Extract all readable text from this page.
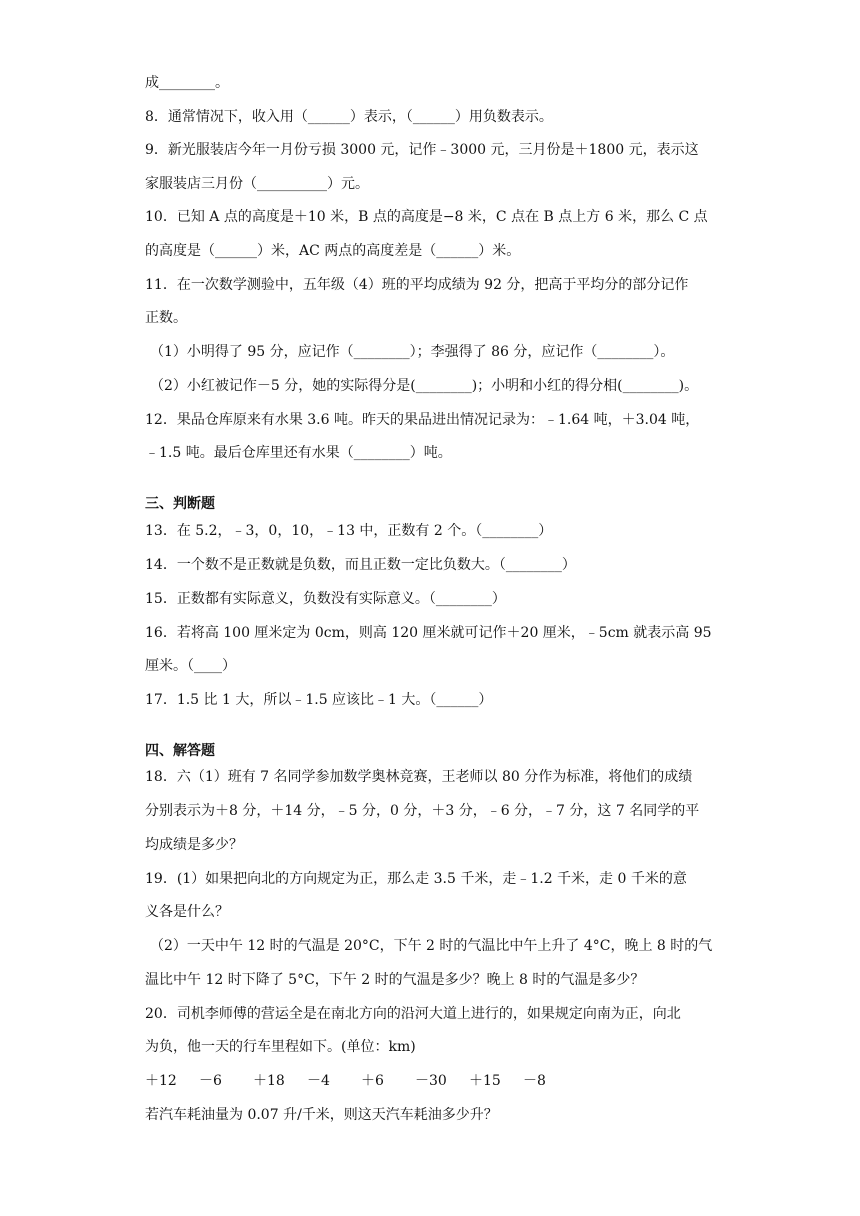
成________。
8．通常情况下，收入用（______）表示，（______）用负数表示。
9．新光服装店今年一月份亏损 3000 元，记作﹣3000 元，三月份是＋1800 元，表示这
家服装店三月份（__________）元。
10．已知 A 点的高度是＋10 米，B 点的高度是−8 米，C 点在 B 点上方 6 米，那么 C 点
的高度是（______）米，AC 两点的高度差是（______）米。
11．在一次数学测验中，五年级（4）班的平均成绩为 92 分，把高于平均分的部分记作
正数。
（1）小明得了 95 分，应记作（________）；李强得了 86 分，应记作（________）。
（2）小红被记作－5 分，她的实际得分是(________)；小明和小红的得分相(________)。
12．果品仓库原来有水果 3.6 吨。昨天的果品进出情况记录为：﹣1.64 吨，＋3.04 吨，
﹣1.5 吨。最后仓库里还有水果（________）吨。
三、判断题
13．在 5.2，﹣3，0，10，﹣13 中，正数有 2 个。（________）
14．一个数不是正数就是负数，而且正数一定比负数大。（________）
15．正数都有实际意义，负数没有实际意义。（________）
16．若将高 100 厘米定为 0cm，则高 120 厘米就可记作＋20 厘米，﹣5cm 就表示高 95
厘米。（____）
17．1.5 比 1 大，所以﹣1.5 应该比﹣1 大。（______）
四、解答题
18．六（1）班有 7 名同学参加数学奥林竞赛，王老师以 80 分作为标准，将他们的成绩
分别表示为＋8 分，＋14 分，﹣5 分，0 分，＋3 分，﹣6 分，﹣7 分，这 7 名同学的平
均成绩是多少？
19．(1）如果把向北的方向规定为正，那么走 3.5 千米，走﹣1.2 千米，走 0 千米的意
义各是什么？
（2）一天中午 12 时的气温是 20°C，下午 2 时的气温比中午上升了 4°C，晚上 8 时的气
温比中午 12 时下降了 5°C，下午 2 时的气温是多少？晚上 8 时的气温是多少？
20．司机李师傅的营运全是在南北方向的沿河大道上进行的，如果规定向南为正，向北
为负，他一天的行车里程如下。(单位：km)
＋12	－6	＋18	－4	＋6	－30	＋15	－8
若汽车耗油量为 0.07 升/千米，则这天汽车耗油多少升？
